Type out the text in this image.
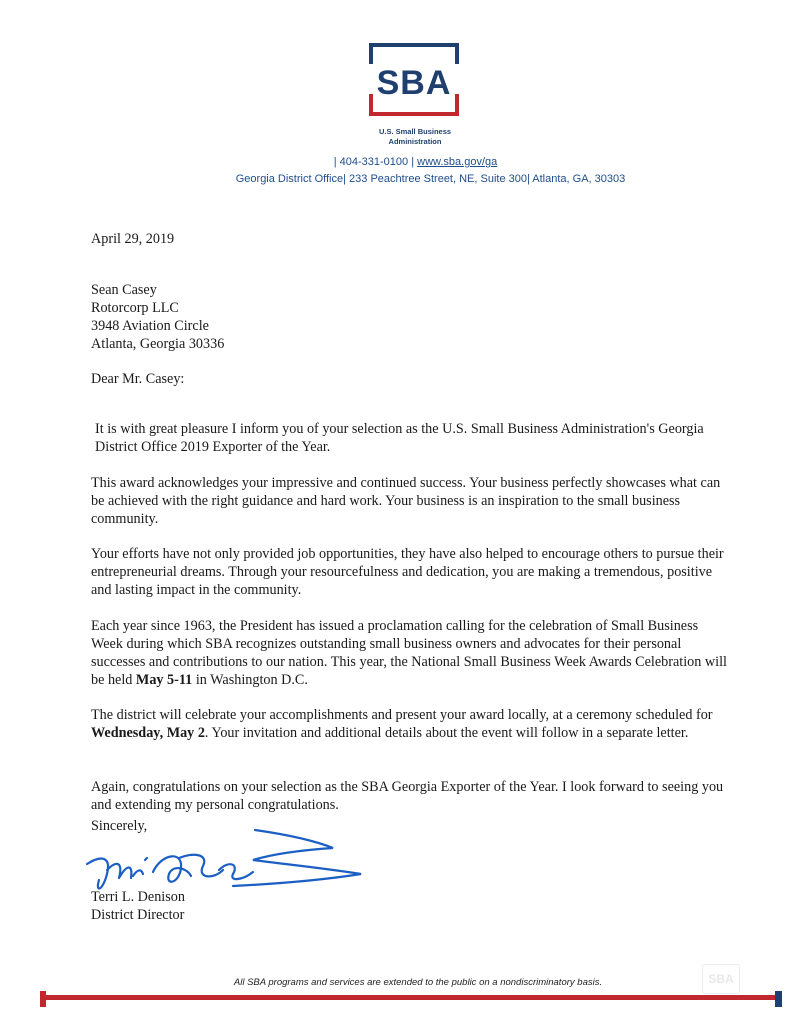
SBA
U.S. Small Business
Administration
| 404-331-0100 | www.sba.gov/ga
Georgia District Office| 233 Peachtree Street, NE, Suite 300| Atlanta, GA, 30303
April 29, 2019
Sean Casey
Rotorcorp LLC
3948 Aviation Circle
Atlanta, Georgia 30336
Dear Mr. Casey:

It is with great pleasure I inform you of your selection as the U.S. Small Business Administration's Georgia District Office 2019 Exporter of the Year.

This award acknowledges your impressive and continued success. Your business perfectly showcases what can be achieved with the right guidance and hard work. Your business is an inspiration to the small business community.

Your efforts have not only provided job opportunities, they have also helped to encourage others to pursue their entrepreneurial dreams. Through your resourcefulness and dedication, you are making a tremendous, positive and lasting impact in the community.

Each year since 1963, the President has issued a proclamation calling for the celebration of Small Business Week during which SBA recognizes outstanding small business owners and advocates for their personal successes and contributions to our nation. This year, the National Small Business Week Awards Celebration will be held May 5-11 in Washington D.C.

The district will celebrate your accomplishments and present your award locally, at a ceremony scheduled for Wednesday, May 2. Your invitation and additional details about the event will follow in a separate letter.

Again, congratulations on your selection as the SBA Georgia Exporter of the Year. I look forward to seeing you and extending my personal congratulations.

Sincerely,
Terri L. Denison
District Director
All SBA programs and services are extended to the public on a nondiscriminatory basis.	SBA
